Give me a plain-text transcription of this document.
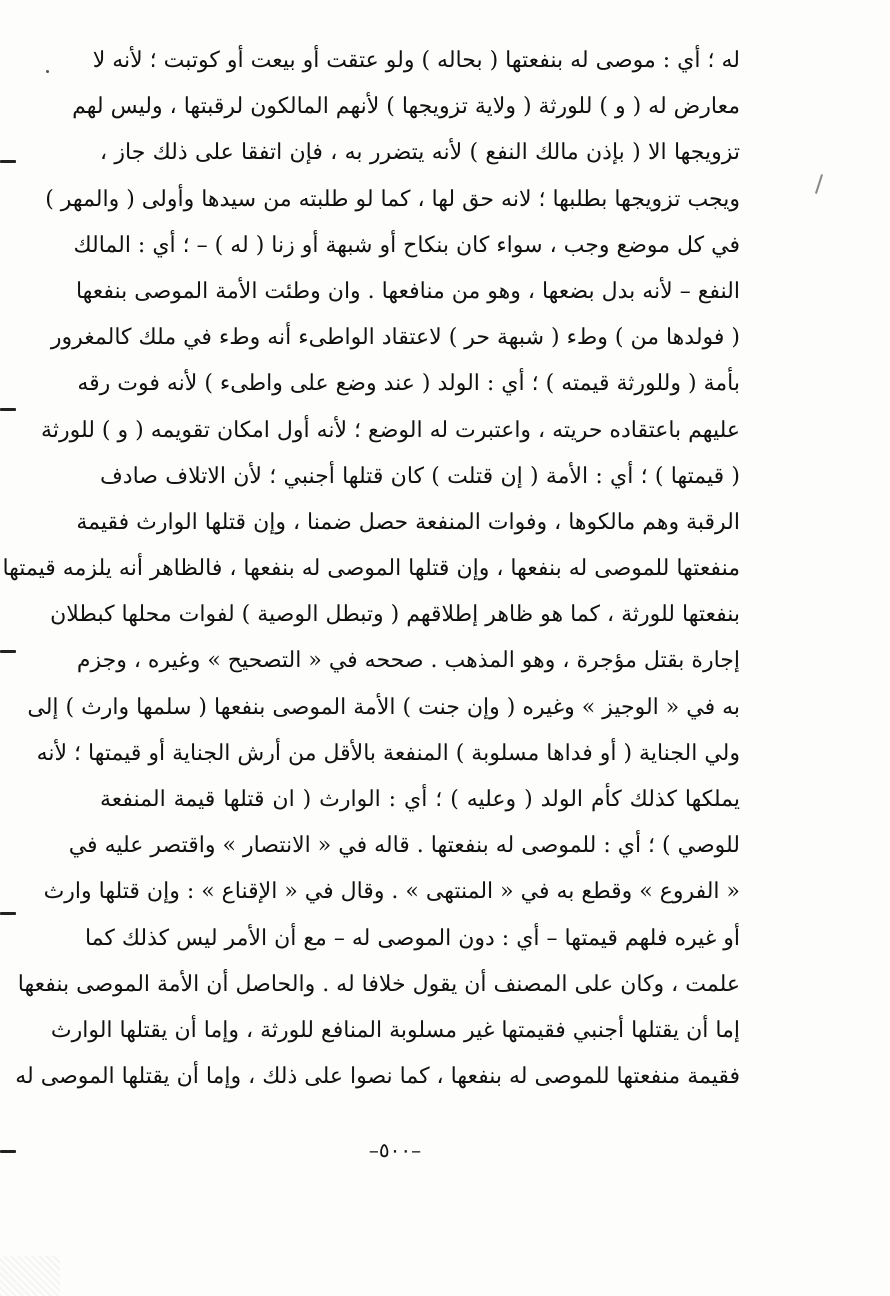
له ؛ أي : موصى له بنفعتها ( بحاله ) ولو عتقت أو بيعت أو كوتبت ؛ لأنه لا
معارض له ( و ) للورثة ( ولاية تزويجها ) لأنهم المالكون لرقبتها ، وليس لهم
تزويجها الا ( بإذن مالك النفع ) لأنه يتضرر به ، فإن اتفقا على ذلك جاز ،
ويجب تزويجها بطلبها ؛ لانه حق لها ، كما لو طلبته من سيدها وأولى ( والمهر )
في كل موضع وجب ، سواء كان بنكاح أو شبهة أو زنا ( له ) – ؛ أي : المالك
النفع – لأنه بدل بضعها ، وهو من منافعها . وان وطئت الأمة الموصى بنفعها
( فولدها من ) وطء ( شبهة حر ) لاعتقاد الواطىء أنه وطء في ملك كالمغرور
بأمة ( وللورثة قيمته ) ؛ أي : الولد ( عند وضع على واطىء ) لأنه فوت رقه
عليهم باعتقاده حريته ، واعتبرت له الوضع ؛ لأنه أول امكان تقويمه ( و ) للورثة
( قيمتها ) ؛ أي : الأمة ( إن قتلت ) كان قتلها أجنبي ؛ لأن الاتلاف صادف
الرقبة وهم مالكوها ، وفوات المنفعة حصل ضمنا ، وإن قتلها الوارث فقيمة
منفعتها للموصى له بنفعها ، وإن قتلها الموصى له بنفعها ، فالظاهر أنه يلزمه قيمتها
بنفعتها للورثة ، كما هو ظاهر إطلاقهم ( وتبطل الوصية ) لفوات محلها كبطلان
إجارة بقتل مؤجرة ، وهو المذهب . صححه في « التصحيح » وغيره ، وجزم
به في « الوجيز » وغيره ( وإن جنت ) الأمة الموصى بنفعها ( سلمها وارث ) إلى
ولي الجناية ( أو فداها مسلوبة ) المنفعة بالأقل من أرش الجناية أو قيمتها ؛ لأنه
يملكها كذلك كأم الولد ( وعليه ) ؛ أي : الوارث ( ان قتلها قيمة المنفعة
للوصي ) ؛ أي : للموصى له بنفعتها . قاله في « الانتصار » واقتصر عليه في
« الفروع » وقطع به في « المنتهى » . وقال في « الإقناع » : وإن قتلها وارث
أو غيره فلهم قيمتها – أي : دون الموصى له – مع أن الأمر ليس كذلك كما
علمت ، وكان على المصنف أن يقول خلافا له . والحاصل أن الأمة الموصى بنفعها
إما أن يقتلها أجنبي فقيمتها غير مسلوبة المنافع للورثة ، وإما أن يقتلها الوارث
فقيمة منفعتها للموصى له بنفعها ، كما نصوا على ذلك ، وإما أن يقتلها الموصى له
–٥٠٠–
